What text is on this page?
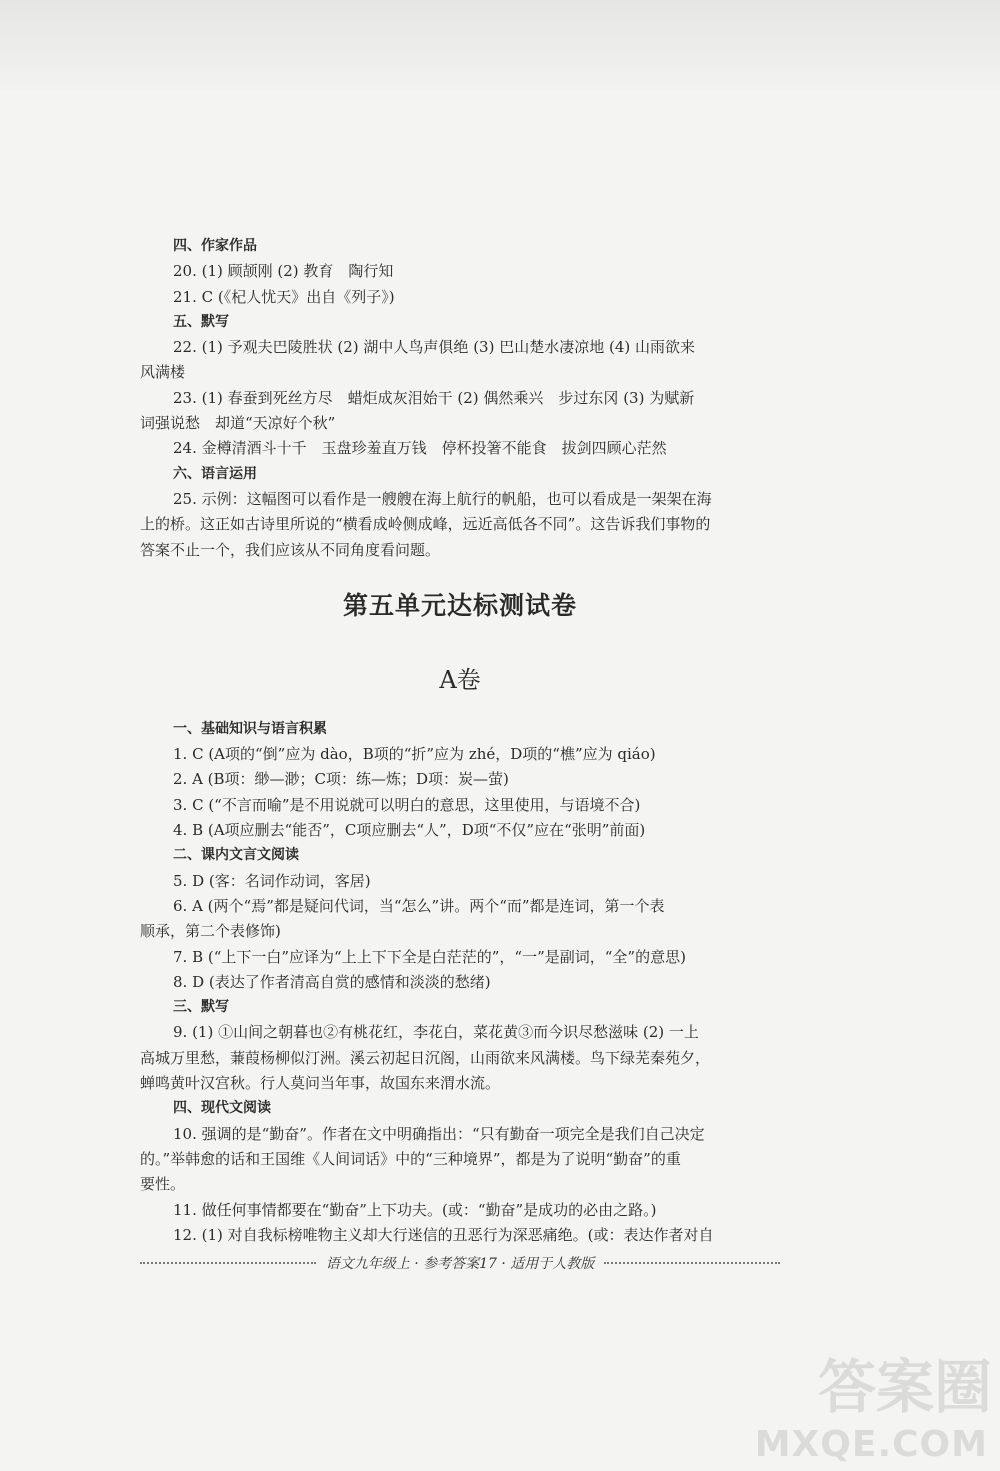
四、作家作品
20. (1) 顾颉刚 (2) 教育　陶行知
21. C (《杞人忧天》出自《列子》)
五、默写
22. (1) 予观夫巴陵胜状 (2) 湖中人鸟声俱绝 (3) 巴山楚水凄凉地 (4) 山雨欲来
风满楼
23. (1) 春蚕到死丝方尽　蜡炬成灰泪始干 (2) 偶然乘兴　步过东冈 (3) 为赋新
词强说愁　却道“天凉好个秋”
24. 金樽清酒斗十千　玉盘珍羞直万钱　停杯投箸不能食　拔剑四顾心茫然
六、语言运用
25. 示例：这幅图可以看作是一艘艘在海上航行的帆船，也可以看成是一架架在海
上的桥。这正如古诗里所说的“横看成岭侧成峰，远近高低各不同”。这告诉我们事物的
答案不止一个，我们应该从不同角度看问题。
第五单元达标测试卷
A卷
一、基础知识与语言积累
1. C (A项的“倒”应为 dào，B项的“折”应为 zhé，D项的“樵”应为 qiáo)
2. A (B项：缈—渺；C项：练—炼；D项：炭—萤)
3. C (“不言而喻”是不用说就可以明白的意思，这里使用，与语境不合)
4. B (A项应删去“能否”，C项应删去“人”，D项“不仅”应在“张明”前面)
二、课内文言文阅读
5. D (客：名词作动词，客居)
6. A (两个“焉”都是疑问代词，当“怎么”讲。两个“而”都是连词，第一个表
顺承，第二个表修饰)
7. B (“上下一白”应译为“上上下下全是白茫茫的”，“一”是副词，“全”的意思)
8. D (表达了作者清高自赏的感情和淡淡的愁绪)
三、默写
9. (1) ①山间之朝暮也②有桃花红，李花白，菜花黄③而今识尽愁滋味 (2) 一上
高城万里愁，蒹葭杨柳似汀洲。溪云初起日沉阁，山雨欲来风满楼。鸟下绿芜秦苑夕，
蝉鸣黄叶汉宫秋。行人莫问当年事，故国东来渭水流。
四、现代文阅读
10. 强调的是“勤奋”。作者在文中明确指出：“只有勤奋一项完全是我们自己决定
的。”举韩愈的话和王国维《人间词话》中的“三种境界”，都是为了说明“勤奋”的重
要性。
11. 做任何事情都要在“勤奋”上下功夫。(或：“勤奋”是成功的必由之路。)
12. (1) 对自我标榜唯物主义却大行迷信的丑恶行为深恶痛绝。(或：表达作者对自
语文九年级上 · 参考答案17 · 适用于人教版
答案圈
MXQE.COM
